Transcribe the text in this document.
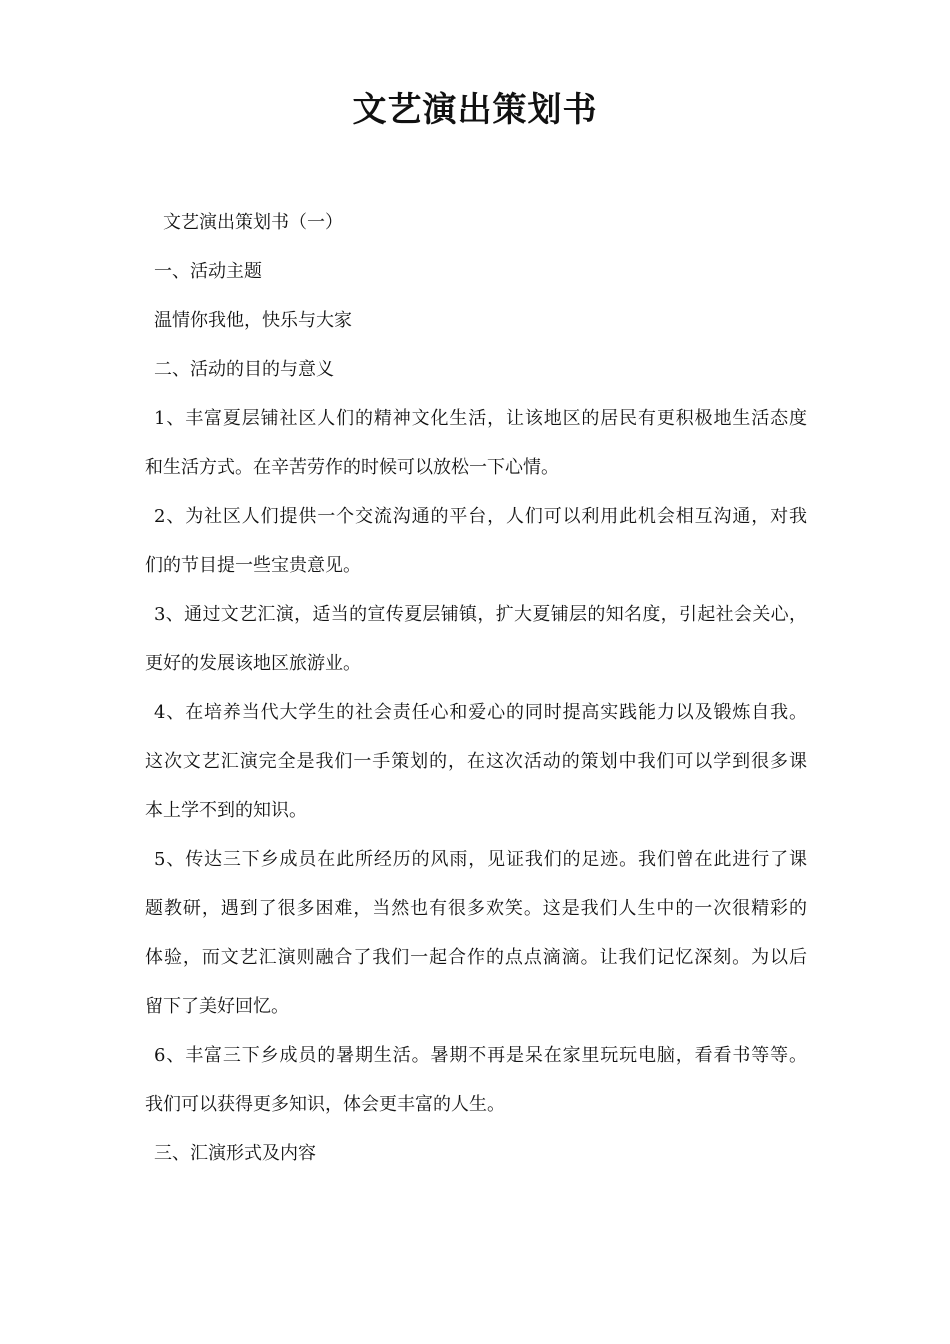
文艺演出策划书

文艺演出策划书（一）

一、活动主题

温情你我他，快乐与大家

二、活动的目的与意义

1、丰富夏层铺社区人们的精神文化生活，让该地区的居民有更积极地生活态度

和生活方式。在辛苦劳作的时候可以放松一下心情。

2、为社区人们提供一个交流沟通的平台，人们可以利用此机会相互沟通，对我

们的节目提一些宝贵意见。

3、通过文艺汇演，适当的宣传夏层铺镇，扩大夏铺层的知名度，引起社会关心，

更好的发展该地区旅游业。

4、在培养当代大学生的社会责任心和爱心的同时提高实践能力以及锻炼自我。

这次文艺汇演完全是我们一手策划的，在这次活动的策划中我们可以学到很多课

本上学不到的知识。

5、传达三下乡成员在此所经历的风雨，见证我们的足迹。我们曾在此进行了课

题教研，遇到了很多困难，当然也有很多欢笑。这是我们人生中的一次很精彩的

体验，而文艺汇演则融合了我们一起合作的点点滴滴。让我们记忆深刻。为以后

留下了美好回忆。

6、丰富三下乡成员的暑期生活。暑期不再是呆在家里玩玩电脑，看看书等等。

我们可以获得更多知识，体会更丰富的人生。

三、汇演形式及内容
